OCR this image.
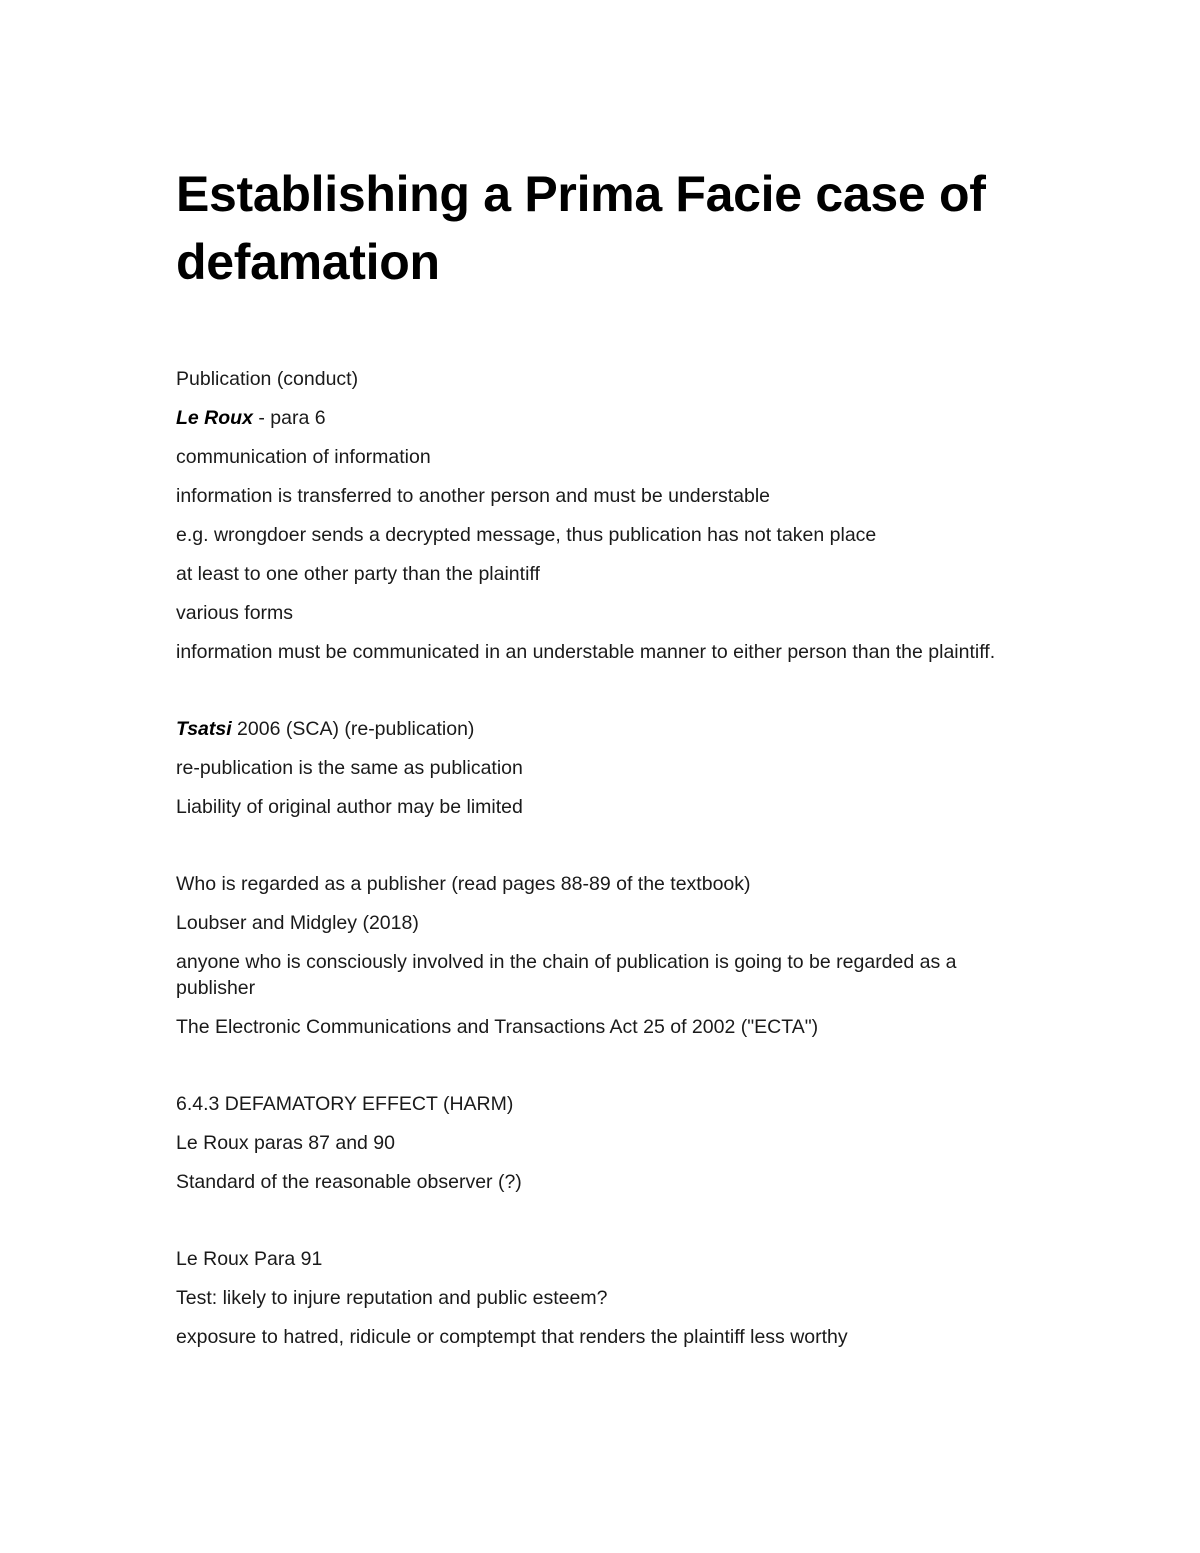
Establishing a Prima Facie case of defamation

Publication (conduct)

Le Roux - para 6

communication of information

information is transferred to another person and must be understable

e.g. wrongdoer sends a decrypted message, thus publication has not taken place

at least to one other party than the plaintiff

various forms

information must be communicated in an understable manner to either person than the plaintiff.

Tsatsi 2006 (SCA) (re-publication)

re-publication is the same as publication

Liability of original author may be limited

Who is regarded as a publisher (read pages 88-89 of the textbook)

Loubser and Midgley (2018)

anyone who is consciously involved in the chain of publication is going to be regarded as a publisher

The Electronic Communications and Transactions Act 25 of 2002 ("ECTA")

6.4.3 DEFAMATORY EFFECT (HARM)

Le Roux paras 87 and 90

Standard of the reasonable observer (?)

Le Roux Para 91

Test: likely to injure reputation and public esteem?

exposure to hatred, ridicule or comptempt that renders the plaintiff less worthy
